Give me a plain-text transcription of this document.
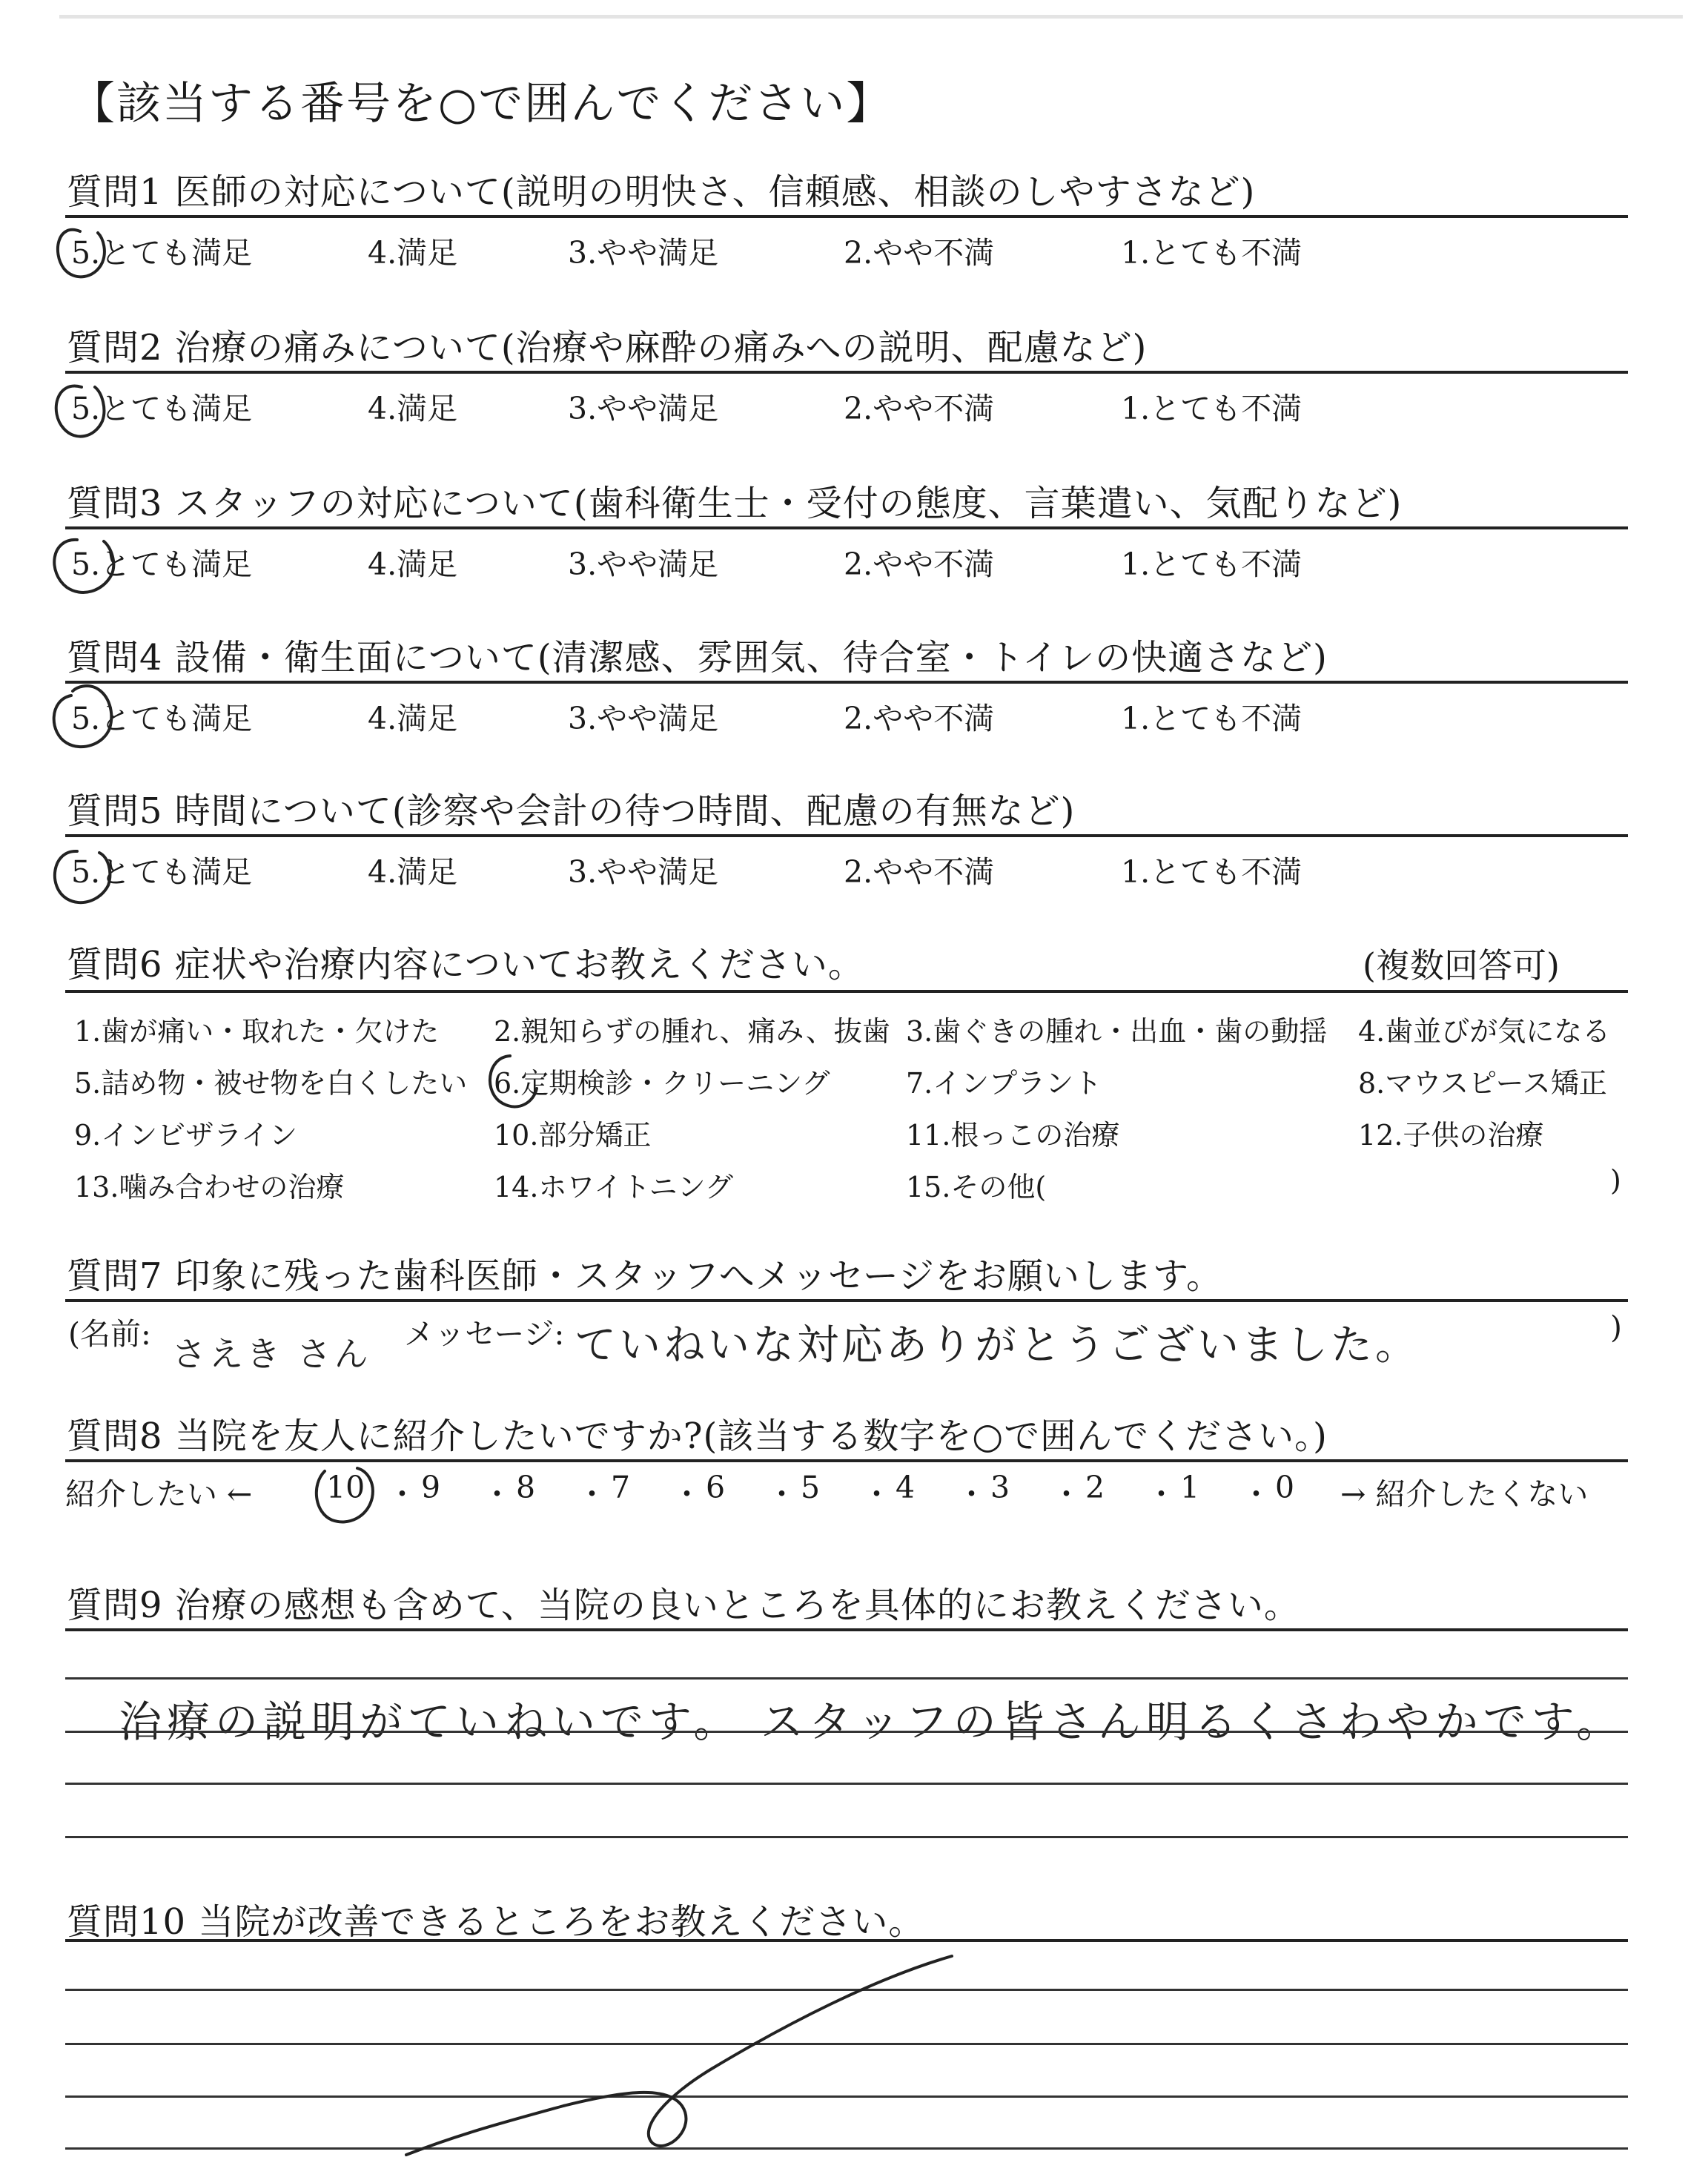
【該当する番号を○で囲んでください】
質問1 医師の対応について(説明の明快さ、信頼感、相談のしやすさなど)
5.とても満足	4.満足	3.やや満足	2.やや不満	1.とても不満
質問2 治療の痛みについて(治療や麻酔の痛みへの説明、配慮など)
5.とても満足	4.満足	3.やや満足	2.やや不満	1.とても不満
質問3 スタッフの対応について(歯科衛生士・受付の態度、言葉遣い、気配りなど)
5.とても満足	4.満足	3.やや満足	2.やや不満	1.とても不満
質問4 設備・衛生面について(清潔感、雰囲気、待合室・トイレの快適さなど)
5.とても満足	4.満足	3.やや満足	2.やや不満	1.とても不満
質問5 時間について(診察や会計の待つ時間、配慮の有無など)
5.とても満足	4.満足	3.やや満足	2.やや不満	1.とても不満
質問6 症状や治療内容についてお教えください。	(複数回答可)
1.歯が痛い・取れた・欠けた 2.親知らずの腫れ、痛み、抜歯 3.歯ぐきの腫れ・出血・歯の動揺 4.歯並びが気になる
5.詰め物・被せ物を白くしたい 6.定期検診・クリーニング	7.インプラント	8.マウスピース矯正
9.インビザライン	10.部分矯正	11.根っこの治療	12.子供の治療
13.噛み合わせの治療	14.ホワイトニング	15.その他(	)
質問7 印象に残った歯科医師・スタッフへメッセージをお願いします。
(名前: さえき さん メッセージ: ていねいな対応ありがとうございました。	)
質問8 当院を友人に紹介したいですか?(該当する数字を○で囲んでください。)
紹介したい ← 10 ・ 9 ・ 8 ・ 7 ・ 6 ・ 5 ・ 4 ・ 3 ・ 2 ・ 1 ・ 0 → 紹介したくない
質問9 治療の感想も含めて、当院の良いところを具体的にお教えください。
治療の説明がていねいです。 スタッフの皆さん明るくさわやかです。
質問10 当院が改善できるところをお教えください。
